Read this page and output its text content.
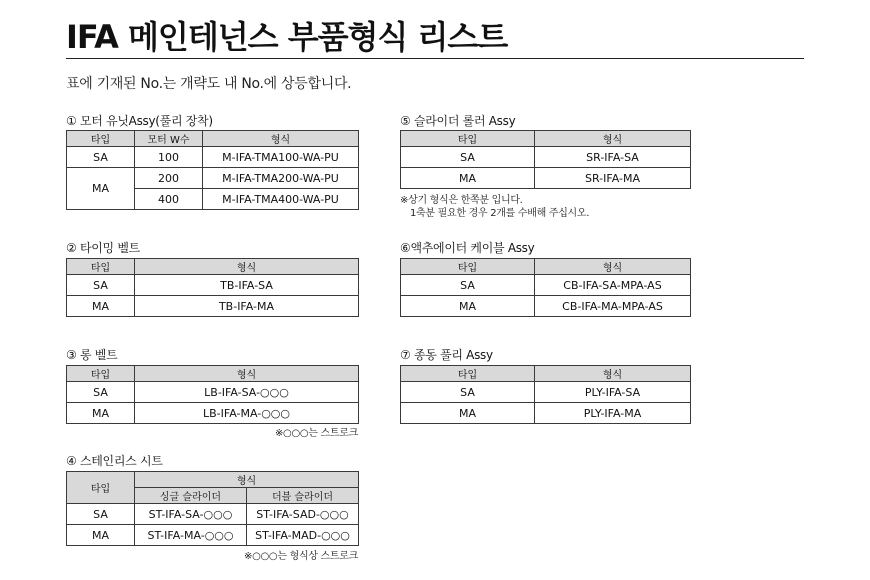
IFA 메인테넌스 부품형식 리스트
표에 기재된 No.는 개략도 내 No.에 상등합니다.
① 모터 유닛Assy(풀리 장착)
타입	모터 W수	형식
SA	100	M-IFA-TMA100-WA-PU
MA	200	M-IFA-TMA200-WA-PU
	400	M-IFA-TMA400-WA-PU
② 타이밍 벨트
타입	형식
SA	TB-IFA-SA
MA	TB-IFA-MA
③ 롱 벨트
타입	형식
SA	LB-IFA-SA-○○○
MA	LB-IFA-MA-○○○
※○○○는 스트로크
④ 스테인리스 시트
타입	형식	
	싱글 슬라이더	더블 슬라이더
SA	ST-IFA-SA-○○○	ST-IFA-SAD-○○○
MA	ST-IFA-MA-○○○	ST-IFA-MAD-○○○
※○○○는 형식상 스트로크
⑤ 슬라이더 롤러 Assy
타입	형식
SA	SR-IFA-SA
MA	SR-IFA-MA
※상기 형식은 한쪽분 입니다.
1축분 필요한 경우 2개를 수배해 주십시오.
⑥액추에이터 케이블 Assy
타입	형식
SA	CB-IFA-SA-MPA-AS
MA	CB-IFA-MA-MPA-AS
⑦ 종동 풀리 Assy
타입	형식
SA	PLY-IFA-SA
MA	PLY-IFA-MA
